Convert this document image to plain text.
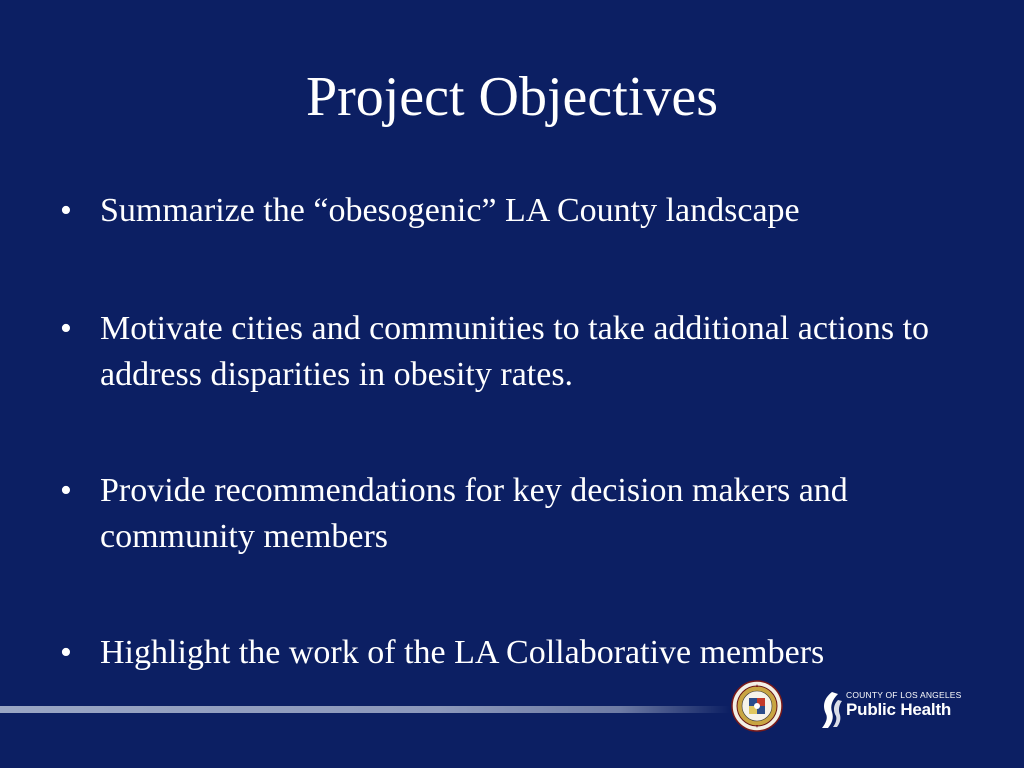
Project Objectives
• Summarize the “obesogenic” LA County landscape
• Motivate cities and communities to take additional actions to address disparities in obesity rates.
• Provide recommendations for key decision makers and community members
• Highlight the work of the LA Collaborative members
COUNTY OF LOS ANGELES
Public Health
